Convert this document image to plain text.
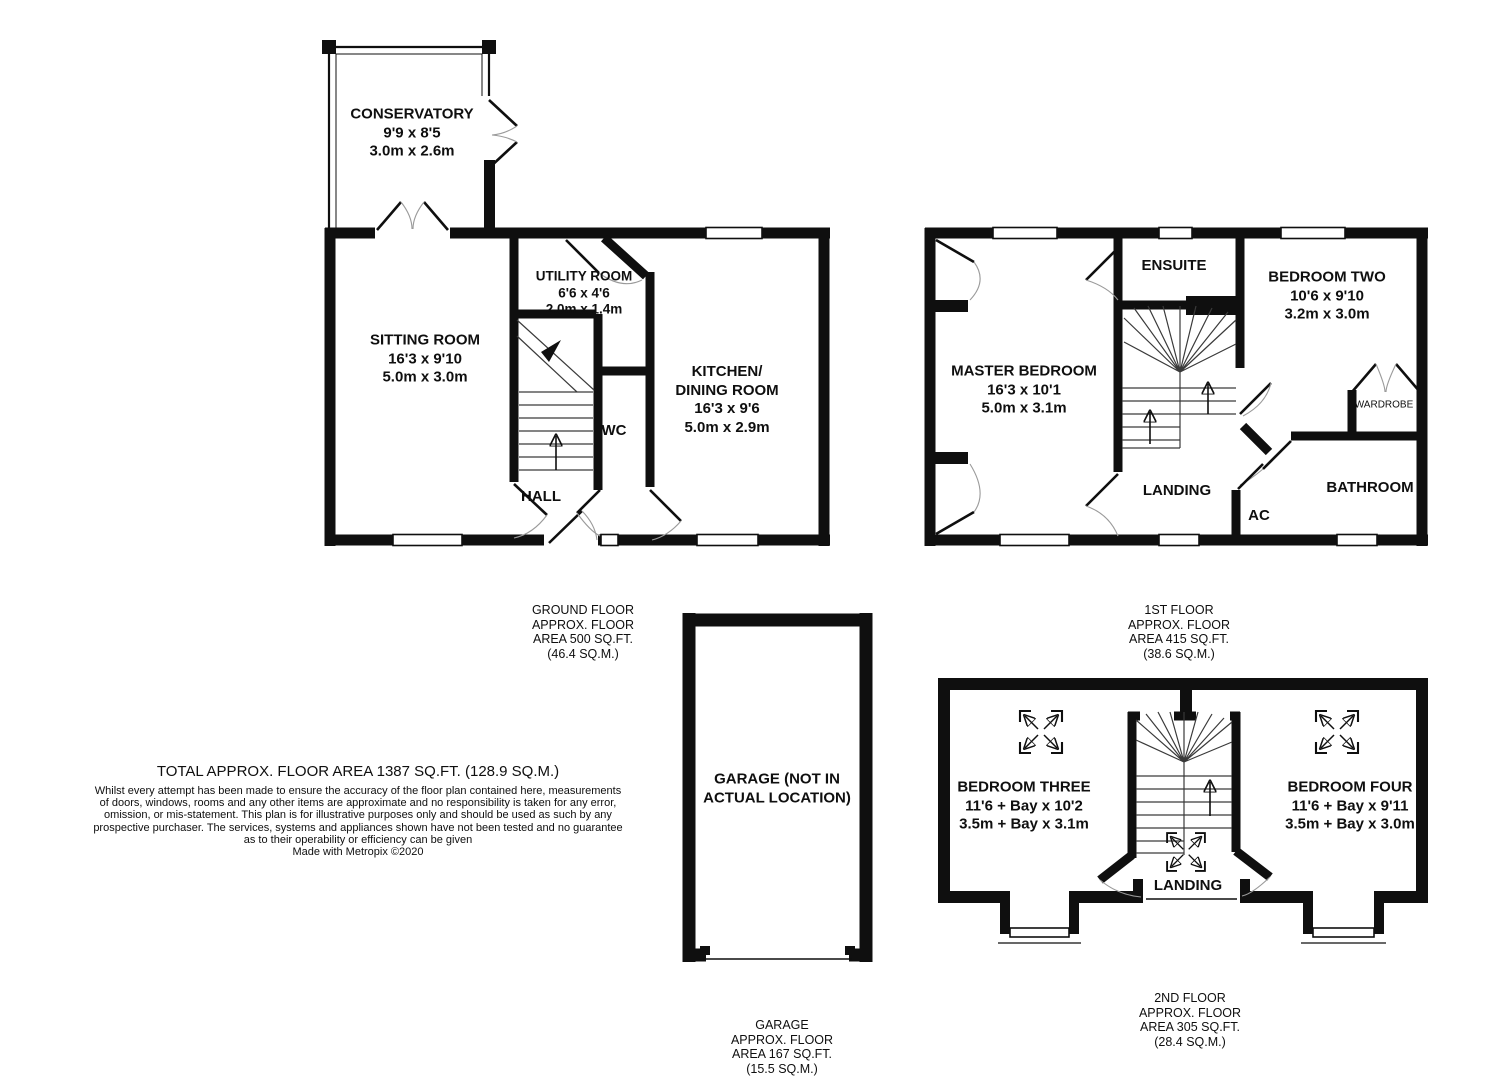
CONSERVATORY
9'9 x 8'5
3.0m x 2.6m
SITTING ROOM
16'3 x 9'10
5.0m x 3.0m
UTILITY ROOM
6'6 x 4'6
2.0m x 1.4m
KITCHEN/
DINING ROOM
16'3 x 9'6
5.0m x 2.9m
WC
HALL
GROUND FLOOR
APPROX. FLOOR
AREA 500 SQ.FT.
(46.4 SQ.M.)
MASTER BEDROOM
16'3 x 10'1
5.0m x 3.1m
ENSUITE
BEDROOM TWO
10'6 x 9'10
3.2m x 3.0m
WARDROBE
LANDING
AC
BATHROOM
1ST FLOOR
APPROX. FLOOR
AREA 415 SQ.FT.
(38.6 SQ.M.)
BEDROOM THREE
11'6 + Bay x 10'2
3.5m + Bay x 3.1m
BEDROOM FOUR
11'6 + Bay x 9'11
3.5m + Bay x 3.0m
LANDING
2ND FLOOR
APPROX. FLOOR
AREA 305 SQ.FT.
(28.4 SQ.M.)
GARAGE (NOT IN
ACTUAL LOCATION)
GARAGE
APPROX. FLOOR
AREA 167 SQ.FT.
(15.5 SQ.M.)
TOTAL APPROX. FLOOR AREA 1387 SQ.FT. (128.9 SQ.M.)
Whilst every attempt has been made to ensure the accuracy of the floor plan contained here, measurements
of doors, windows, rooms and any other items are approximate and no responsibility is taken for any error,
omission, or mis-statement. This plan is for illustrative purposes only and should be used as such by any
prospective purchaser. The services, systems and appliances shown have not been tested and no guarantee
as to their operability or efficiency can be given
Made with Metropix ©2020
